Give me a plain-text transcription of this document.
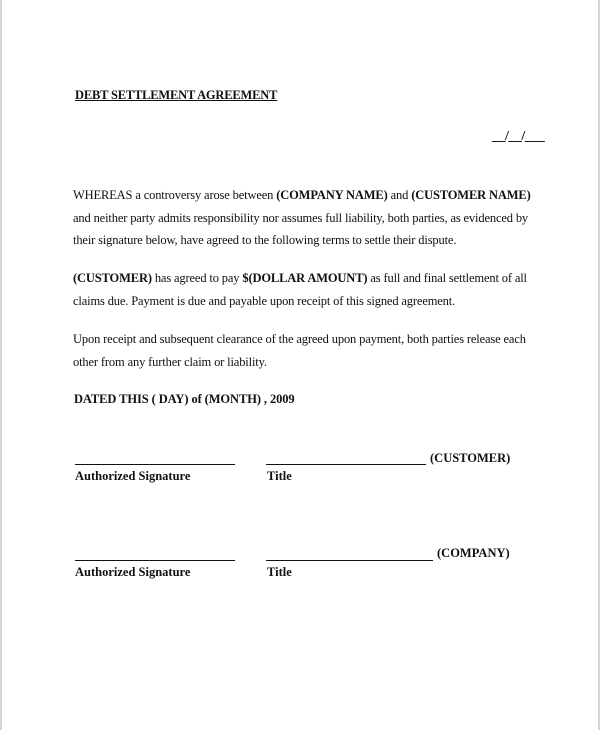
DEBT SETTLEMENT AGREEMENT
__/__/___
WHEREAS a controversy arose between (COMPANY NAME) and (CUSTOMER NAME)
and neither party admits responsibility nor assumes full liability, both parties, as evidenced by
their signature below, have agreed to the following terms to settle their dispute.
(CUSTOMER) has agreed to pay $(DOLLAR AMOUNT) as full and final settlement of all
claims due. Payment is due and payable upon receipt of this signed agreement.
Upon receipt and subsequent clearance of the agreed upon payment, both parties release each
other from any further claim or liability.
DATED THIS ( DAY) of (MONTH) , 2009
(CUSTOMER)
Authorized Signature	Title
(COMPANY)
Authorized Signature	Title
